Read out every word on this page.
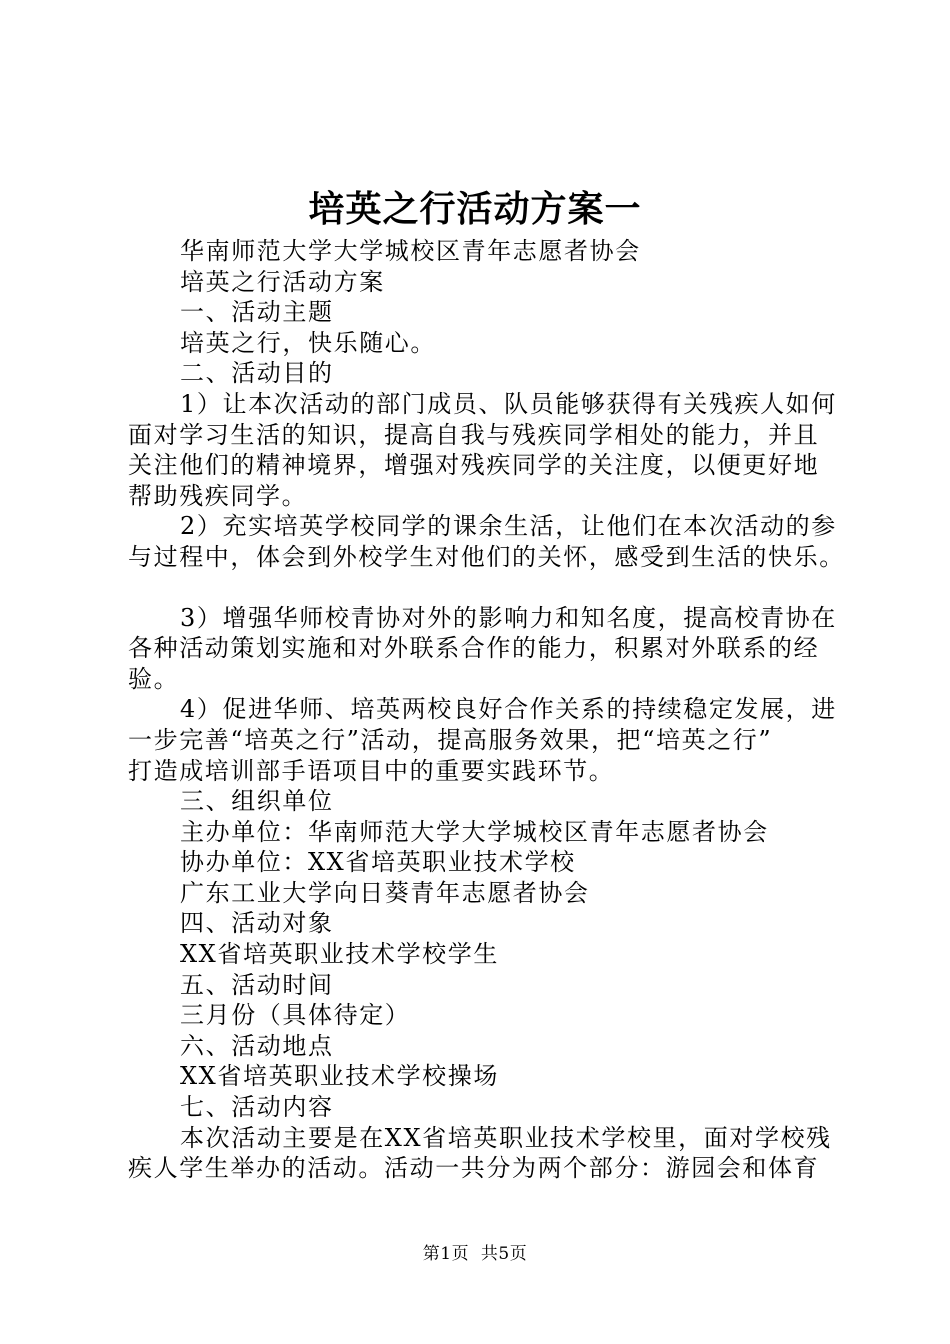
培英之行活动方案一

华南师范大学大学城校区青年志愿者协会

培英之行活动方案

一、活动主题

培英之行，快乐随心。

二、活动目的

1）让本次活动的部门成员、队员能够获得有关残疾人如何

面对学习生活的知识，提高自我与残疾同学相处的能力，并且

关注他们的精神境界，增强对残疾同学的关注度，以便更好地

帮助残疾同学。

2）充实培英学校同学的课余生活，让他们在本次活动的参

与过程中，体会到外校学生对他们的关怀，感受到生活的快乐。

3）增强华师校青协对外的影响力和知名度，提高校青协在

各种活动策划实施和对外联系合作的能力，积累对外联系的经

验。

4）促进华师、培英两校良好合作关系的持续稳定发展，进

一步完善“培英之行”活动，提高服务效果，把“培英之行”

打造成培训部手语项目中的重要实践环节。

三、组织单位

主办单位：华南师范大学大学城校区青年志愿者协会

协办单位：XX省培英职业技术学校

广东工业大学向日葵青年志愿者协会

四、活动对象

XX省培英职业技术学校学生

五、活动时间

三月份（具体待定）

六、活动地点

XX省培英职业技术学校操场

七、活动内容

本次活动主要是在XX省培英职业技术学校里，面对学校残

疾人学生举办的活动。活动一共分为两个部分：游园会和体育

第1页 共5页
